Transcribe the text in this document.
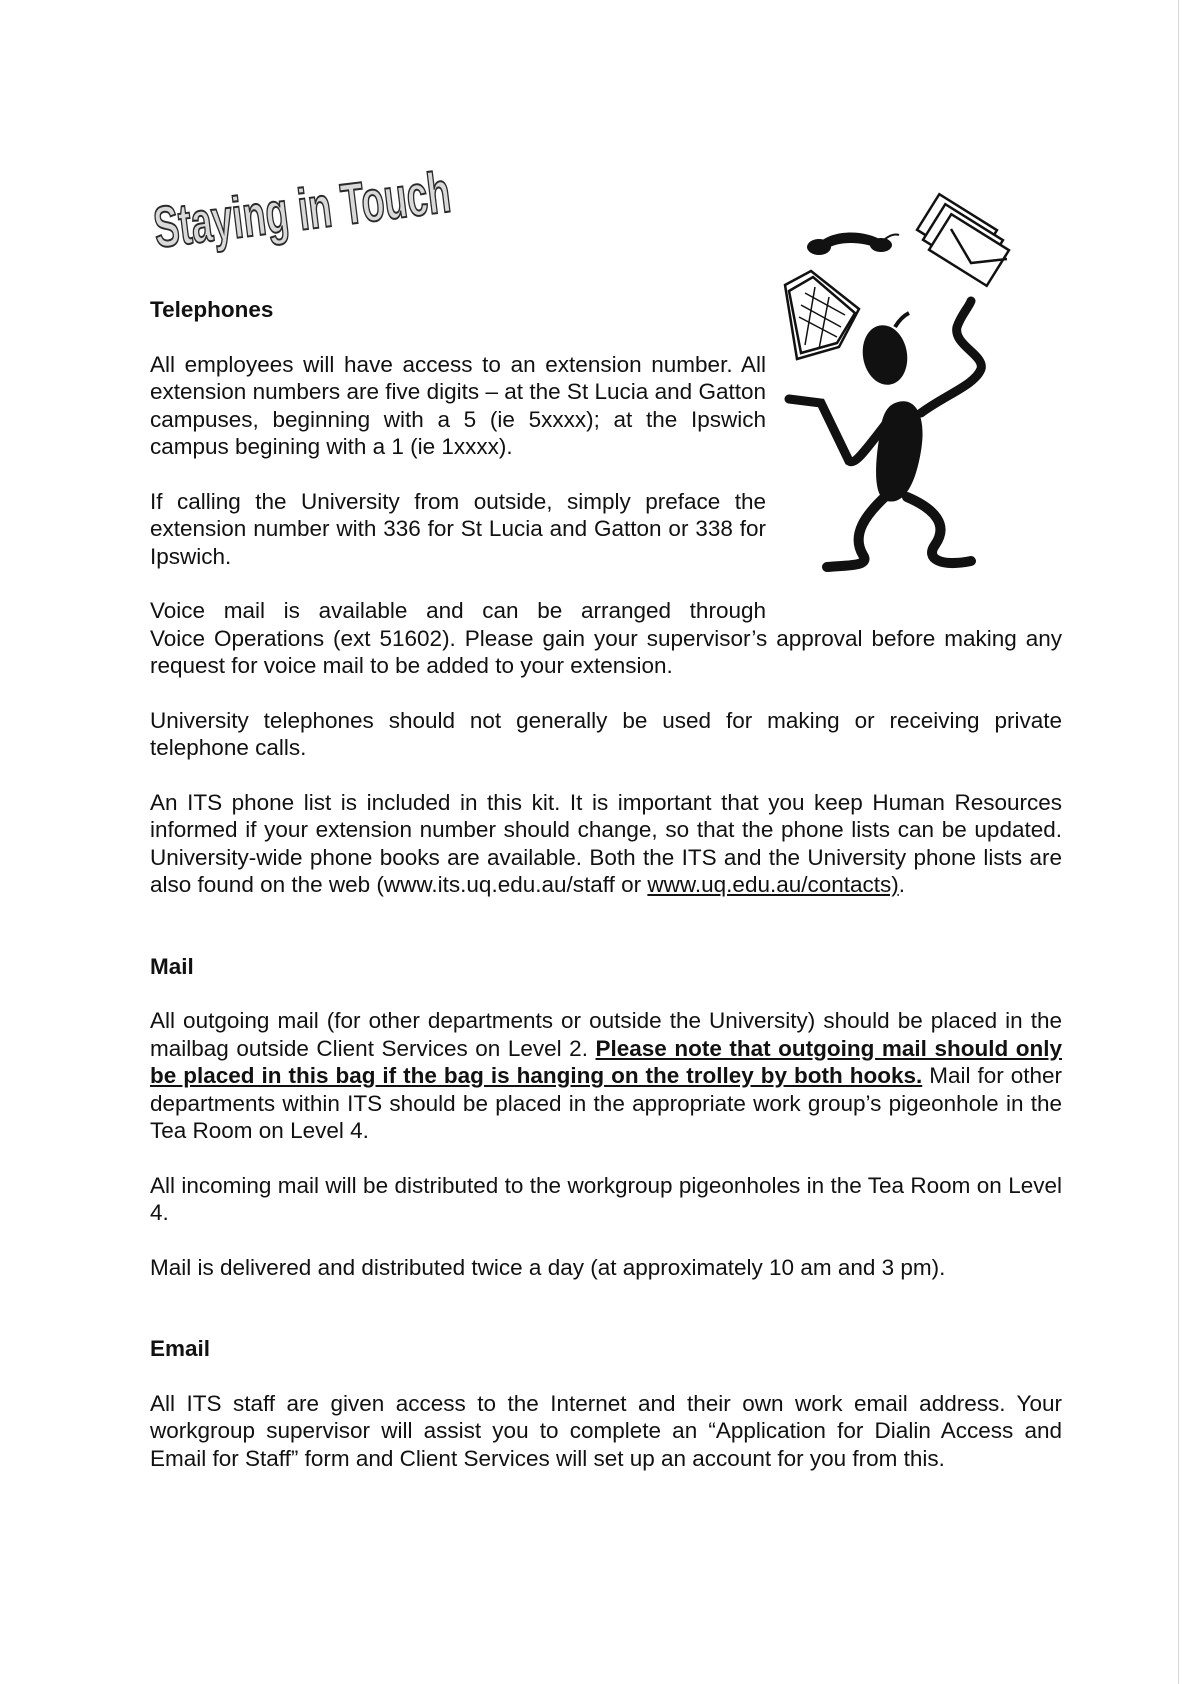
Staying in Touch

Telephones

All employees will have access to an extension number. All extension numbers are five digits – at the St Lucia and Gatton campuses, beginning with a 5 (ie 5xxxx); at the Ipswich campus begining with a 1 (ie 1xxxx).

If calling the University from outside, simply preface the extension number with 336 for St Lucia and Gatton or 338 for Ipswich.

Voice mail is available and can be arranged through

Voice Operations (ext 51602). Please gain your supervisor’s approval before making any request for voice mail to be added to your extension.

University telephones should not generally be used for making or receiving private telephone calls.

An ITS phone list is included in this kit. It is important that you keep Human Resources informed if your extension number should change, so that the phone lists can be updated. University-wide phone books are available. Both the ITS and the University phone lists are also found on the web (www.its.uq.edu.au/staff or www.uq.edu.au/contacts).

Mail

All outgoing mail (for other departments or outside the University) should be placed in the mailbag outside Client Services on Level 2. Please note that outgoing mail should only be placed in this bag if the bag is hanging on the trolley by both hooks. Mail for other departments within ITS should be placed in the appropriate work group’s pigeonhole in the Tea Room on Level 4.

All incoming mail will be distributed to the workgroup pigeonholes in the Tea Room on Level 4.

Mail is delivered and distributed twice a day (at approximately 10 am and 3 pm).

Email

All ITS staff are given access to the Internet and their own work email address. Your workgroup supervisor will assist you to complete an “Application for Dialin Access and Email for Staff” form and Client Services will set up an account for you from this.
